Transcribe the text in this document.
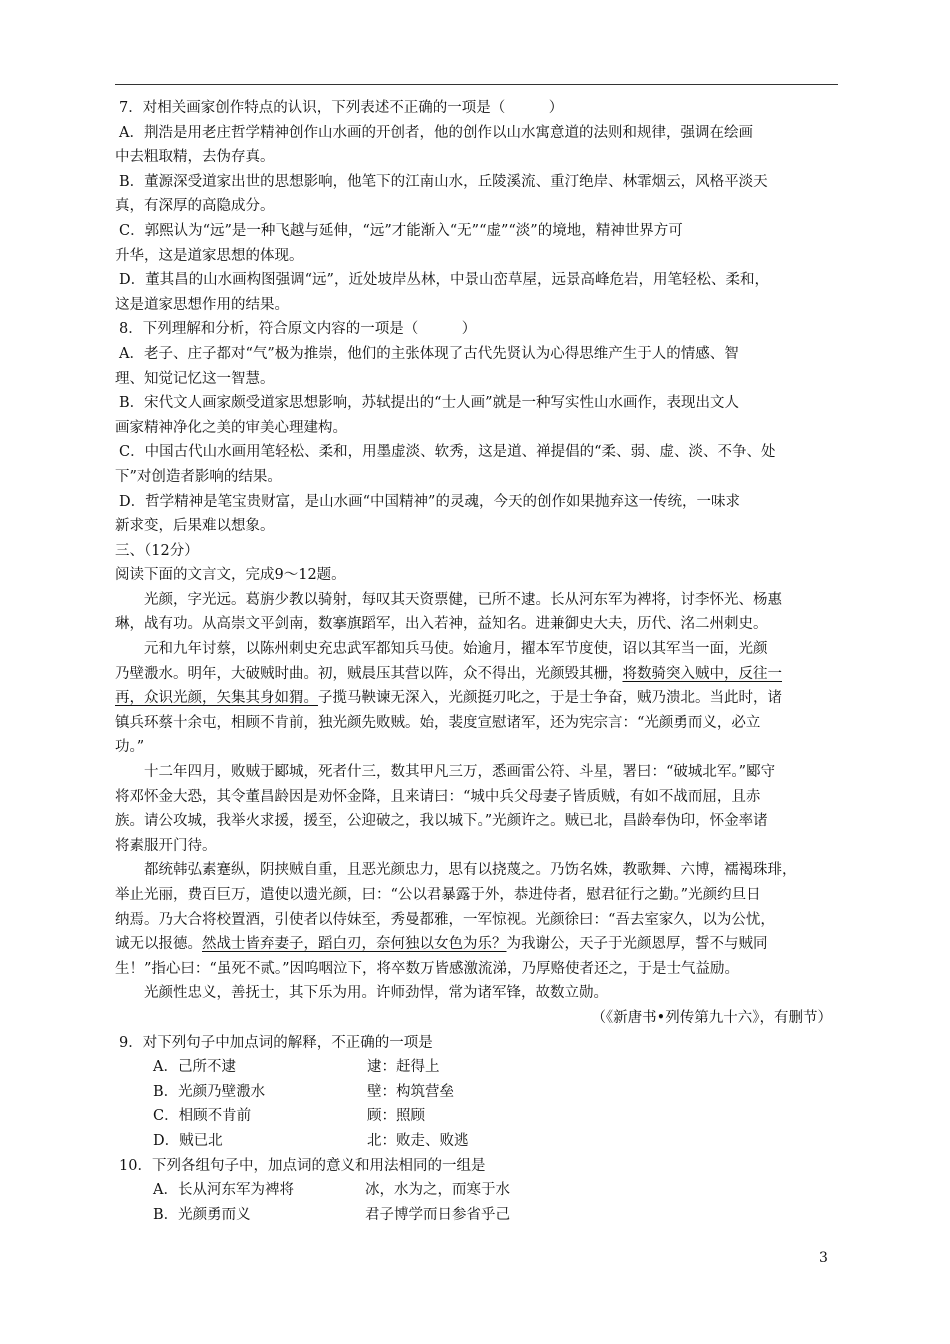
7．对相关画家创作特点的认识，下列表述不正确的一项是（　　　）
A．荆浩是用老庄哲学精神创作山水画的开创者，他的创作以山水寓意道的法则和规律，强调在绘画
中去粗取精，去伪存真。
B．董源深受道家出世的思想影响，他笔下的江南山水，丘陵溪流、重汀绝岸、林霏烟云，风格平淡天
真，有深厚的高隐成分。
C．郭熙认为“远”是一种飞越与延伸，“远”才能渐入“无”“虚”“淡”的境地，精神世界方可
升华，这是道家思想的体现。
D．董其昌的山水画构图强调“远”，近处坡岸丛林，中景山峦草屋，远景高峰危岩，用笔轻松、柔和，
这是道家思想作用的结果。
8．下列理解和分析，符合原文内容的一项是（　　　）
A．老子、庄子都对“气”极为推崇，他们的主张体现了古代先贤认为心得思维产生于人的情感、智
理、知觉记忆这一智慧。
B．宋代文人画家颇受道家思想影响，苏轼提出的“士人画”就是一种写实性山水画作，表现出文人
画家精神净化之美的审美心理建构。
C．中国古代山水画用笔轻松、柔和，用墨虚淡、软秀，这是道、禅提倡的“柔、弱、虚、淡、不争、处
下”对创造者影响的结果。
D．哲学精神是笔宝贵财富，是山水画“中国精神”的灵魂，今天的创作如果抛弃这一传统，一味求
新求变，后果难以想象。
三、（12分）
阅读下面的文言文，完成9～12题。
光颜，字光远。葛旃少教以骑射，每叹其天资票健，已所不逮。长从河东军为裨将，讨李怀光、杨惠
琳，战有功。从高崇文平剑南，数搴旗蹈军，出入若神，益知名。进兼御史大夫，历代、洺二州刺史。
元和九年讨蔡，以陈州刺史充忠武军都知兵马使。始逾月，擢本军节度使，诏以其军当一面，光颜
乃壁溵水。明年，大破贼时曲。初，贼晨压其营以阵，众不得出，光颜毁其栅，将数骑突入贼中，反往一
再，众识光颜，矢集其身如猬。子揽马鞅谏无深入，光颜挺刃叱之，于是士争奋，贼乃溃北。当此时，诸
镇兵环蔡十余屯，相顾不肯前，独光颜先败贼。始，裴度宣慰诸军，还为宪宗言：“光颜勇而义，必立
功。”
十二年四月，败贼于郾城，死者什三，数其甲凡三万，悉画雷公符、斗星，署曰：“破城北军。”郾守
将邓怀金大恐，其令董昌龄因是劝怀金降，且来请曰：“城中兵父母妻子皆质贼，有如不战而屈，且赤
族。请公攻城，我举火求援，援至，公迎破之，我以城下。”光颜许之。贼已北，昌龄奉伪印，怀金率诸
将素服开门待。
都统韩弘素蹇纵，阴挟贼自重，且恶光颜忠力，思有以挠蔑之。乃饬名姝，教歌舞、六博，襦褐珠琲，
举止光丽，费百巨万，遣使以遗光颜，曰：“公以君暴露于外，恭进侍者，慰君征行之勤。”光颜约旦日
纳焉。乃大合将校置酒，引使者以侍妹至，秀曼都雅，一军惊视。光颜徐曰：“吾去室家久，以为公忧，
诚无以报德。然战士皆弃妻子，蹈白刃，奈何独以女色为乐？为我谢公，天子于光颜恩厚，誓不与贼同
生！”指心曰：“虽死不贰。”因呜咽泣下，将卒数万皆感激流涕，乃厚赂使者还之，于是士气益励。
光颜性忠义，善抚士，其下乐为用。许师劲悍，常为诸军锋，故数立勋。
（《新唐书•列传第九十六》，有删节）
9．对下列句子中加点词的解释，不正确的一项是
A．己所不逮	逮：赶得上
B．光颜乃壁溵水	壁：构筑营垒
C．相顾不肯前	顾：照顾
D．贼已北	北：败走、败逃
10．下列各组句子中，加点词的意义和用法相同的一组是
A．长从河东军为裨将	冰，水为之，而寒于水
B．光颜勇而义	君子博学而日参省乎己
3
